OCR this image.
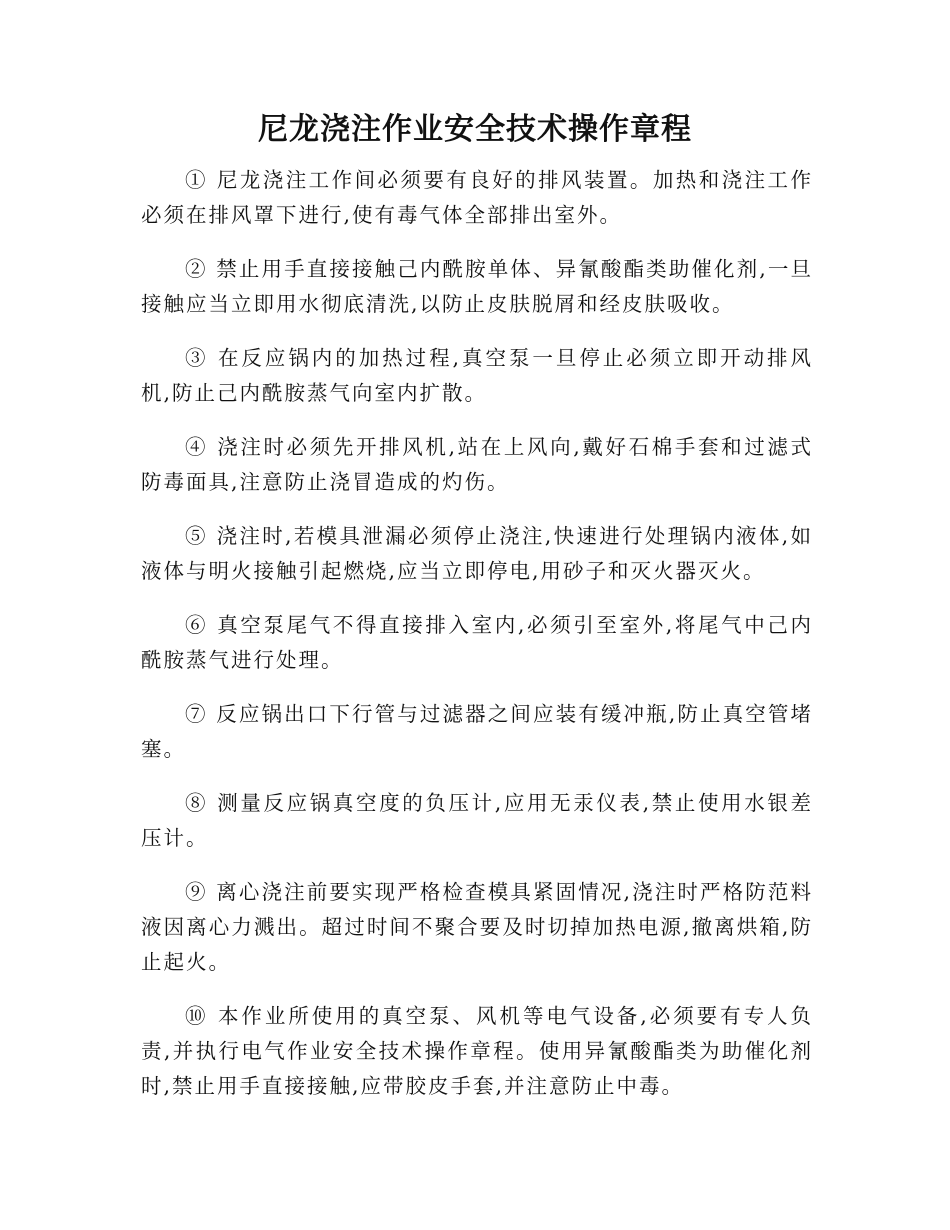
尼龙浇注作业安全技术操作章程

① 尼龙浇注工作间必须要有良好的排风装置。加热和浇注工作必须在排风罩下进行,使有毒气体全部排出室外。

② 禁止用手直接接触己内酰胺单体、异氰酸酯类助催化剂,一旦接触应当立即用水彻底清洗,以防止皮肤脱屑和经皮肤吸收。

③ 在反应锅内的加热过程,真空泵一旦停止必须立即开动排风机,防止己内酰胺蒸气向室内扩散。

④ 浇注时必须先开排风机,站在上风向,戴好石棉手套和过滤式防毒面具,注意防止浇冒造成的灼伤。

⑤ 浇注时,若模具泄漏必须停止浇注,快速进行处理锅内液体,如液体与明火接触引起燃烧,应当立即停电,用砂子和灭火器灭火。

⑥ 真空泵尾气不得直接排入室内,必须引至室外,将尾气中己内酰胺蒸气进行处理。

⑦ 反应锅出口下行管与过滤器之间应装有缓冲瓶,防止真空管堵塞。

⑧ 测量反应锅真空度的负压计,应用无汞仪表,禁止使用水银差压计。

⑨ 离心浇注前要实现严格检查模具紧固情况,浇注时严格防范料液因离心力溅出。超过时间不聚合要及时切掉加热电源,撤离烘箱,防止起火。

⑩ 本作业所使用的真空泵、风机等电气设备,必须要有专人负责,并执行电气作业安全技术操作章程。使用异氰酸酯类为助催化剂时,禁止用手直接接触,应带胶皮手套,并注意防止中毒。
